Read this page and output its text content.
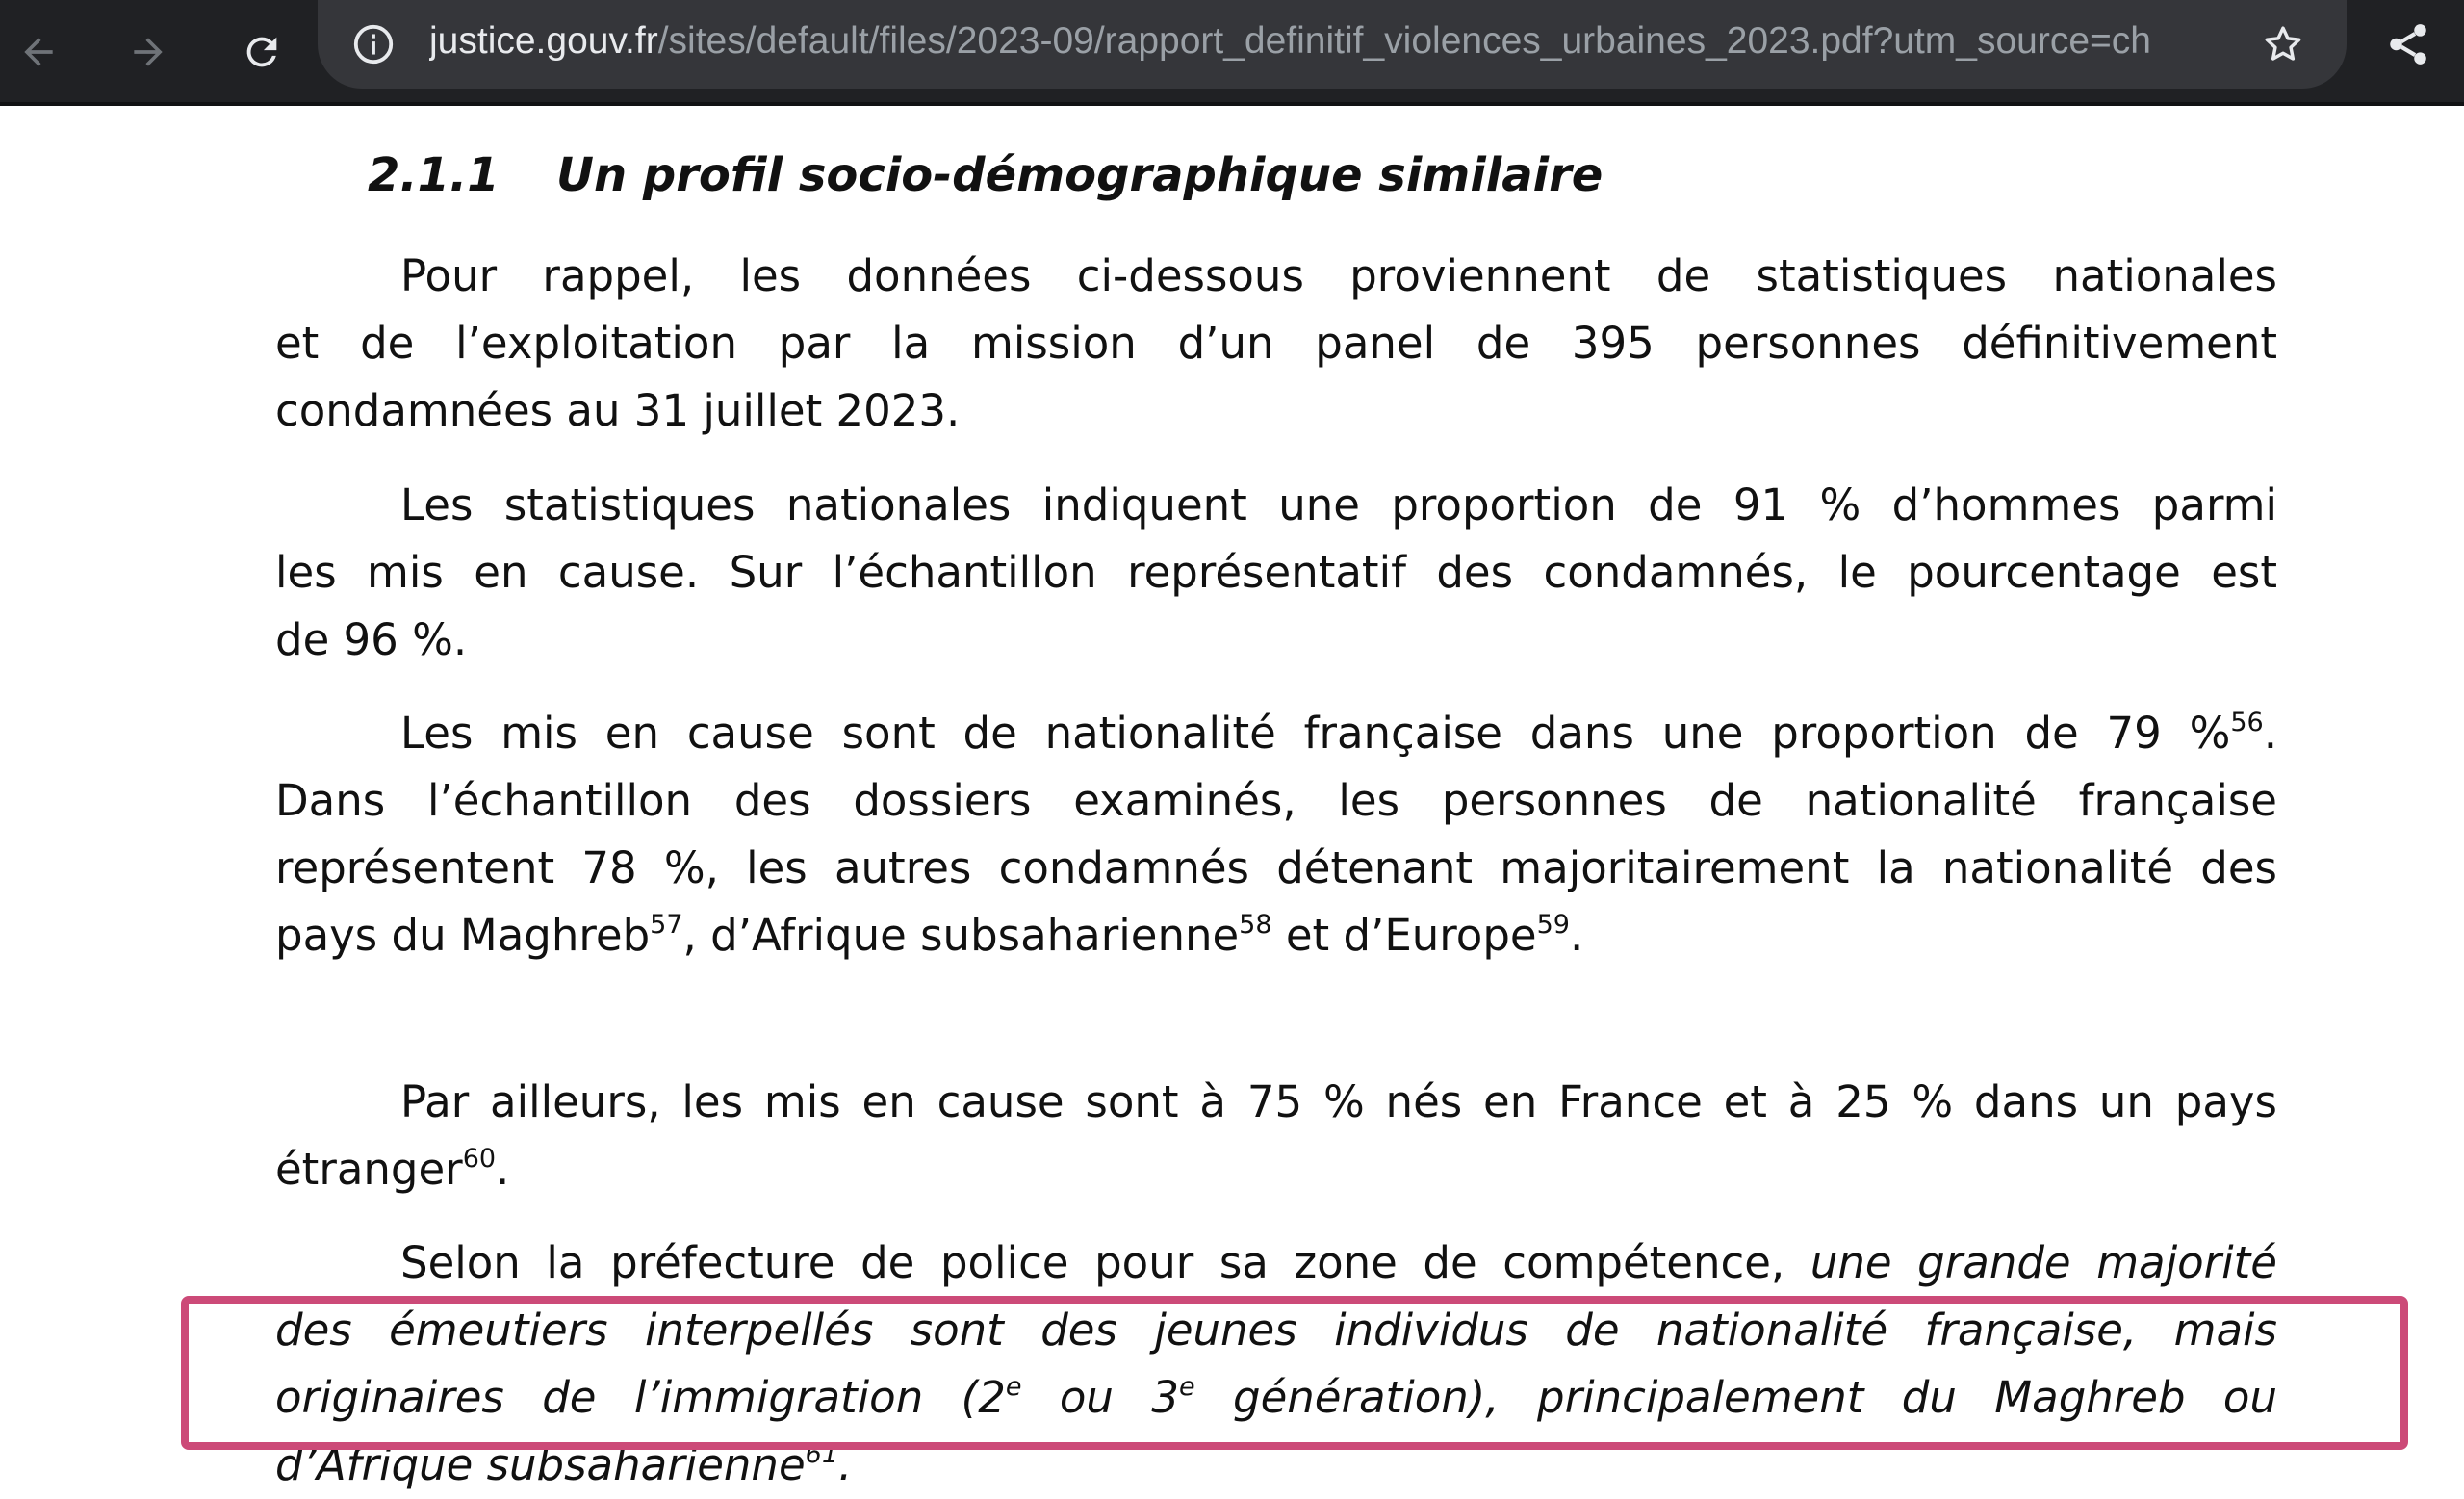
justice.gouv.fr/sites/default/files/2023-09/rapport_definitif_violences_urbaines_2023.pdf?utm_source=ch
2.1.1 Un profil socio-démographique similaire
Pour rappel, les données ci-dessous proviennent de statistiques nationales
et de l’exploitation par la mission d’un panel de 395 personnes définitivement
condamnées au 31 juillet 2023.
Les statistiques nationales indiquent une proportion de 91 % d’hommes parmi
les mis en cause. Sur l’échantillon représentatif des condamnés, le pourcentage est
de 96 %.
Les mis en cause sont de nationalité française dans une proportion de 79 %$^{56}$.
Dans l’échantillon des dossiers examinés, les personnes de nationalité française
représentent 78 %, les autres condamnés détenant majoritairement la nationalité des
pays du Maghreb$^{57}$, d’Afrique subsaharienne$^{58}$ et d’Europe$^{59}$.
Par ailleurs, les mis en cause sont à 75 % nés en France et à 25 % dans un pays
étranger$^{60}$.
Selon la préfecture de police pour sa zone de compétence, une grande majorité
des émeutiers interpellés sont des jeunes individus de nationalité française, mais
originaires de l’immigration (2e ou 3e génération), principalement du Maghreb ou
d’Afrique subsaharienne$^{61}$.
